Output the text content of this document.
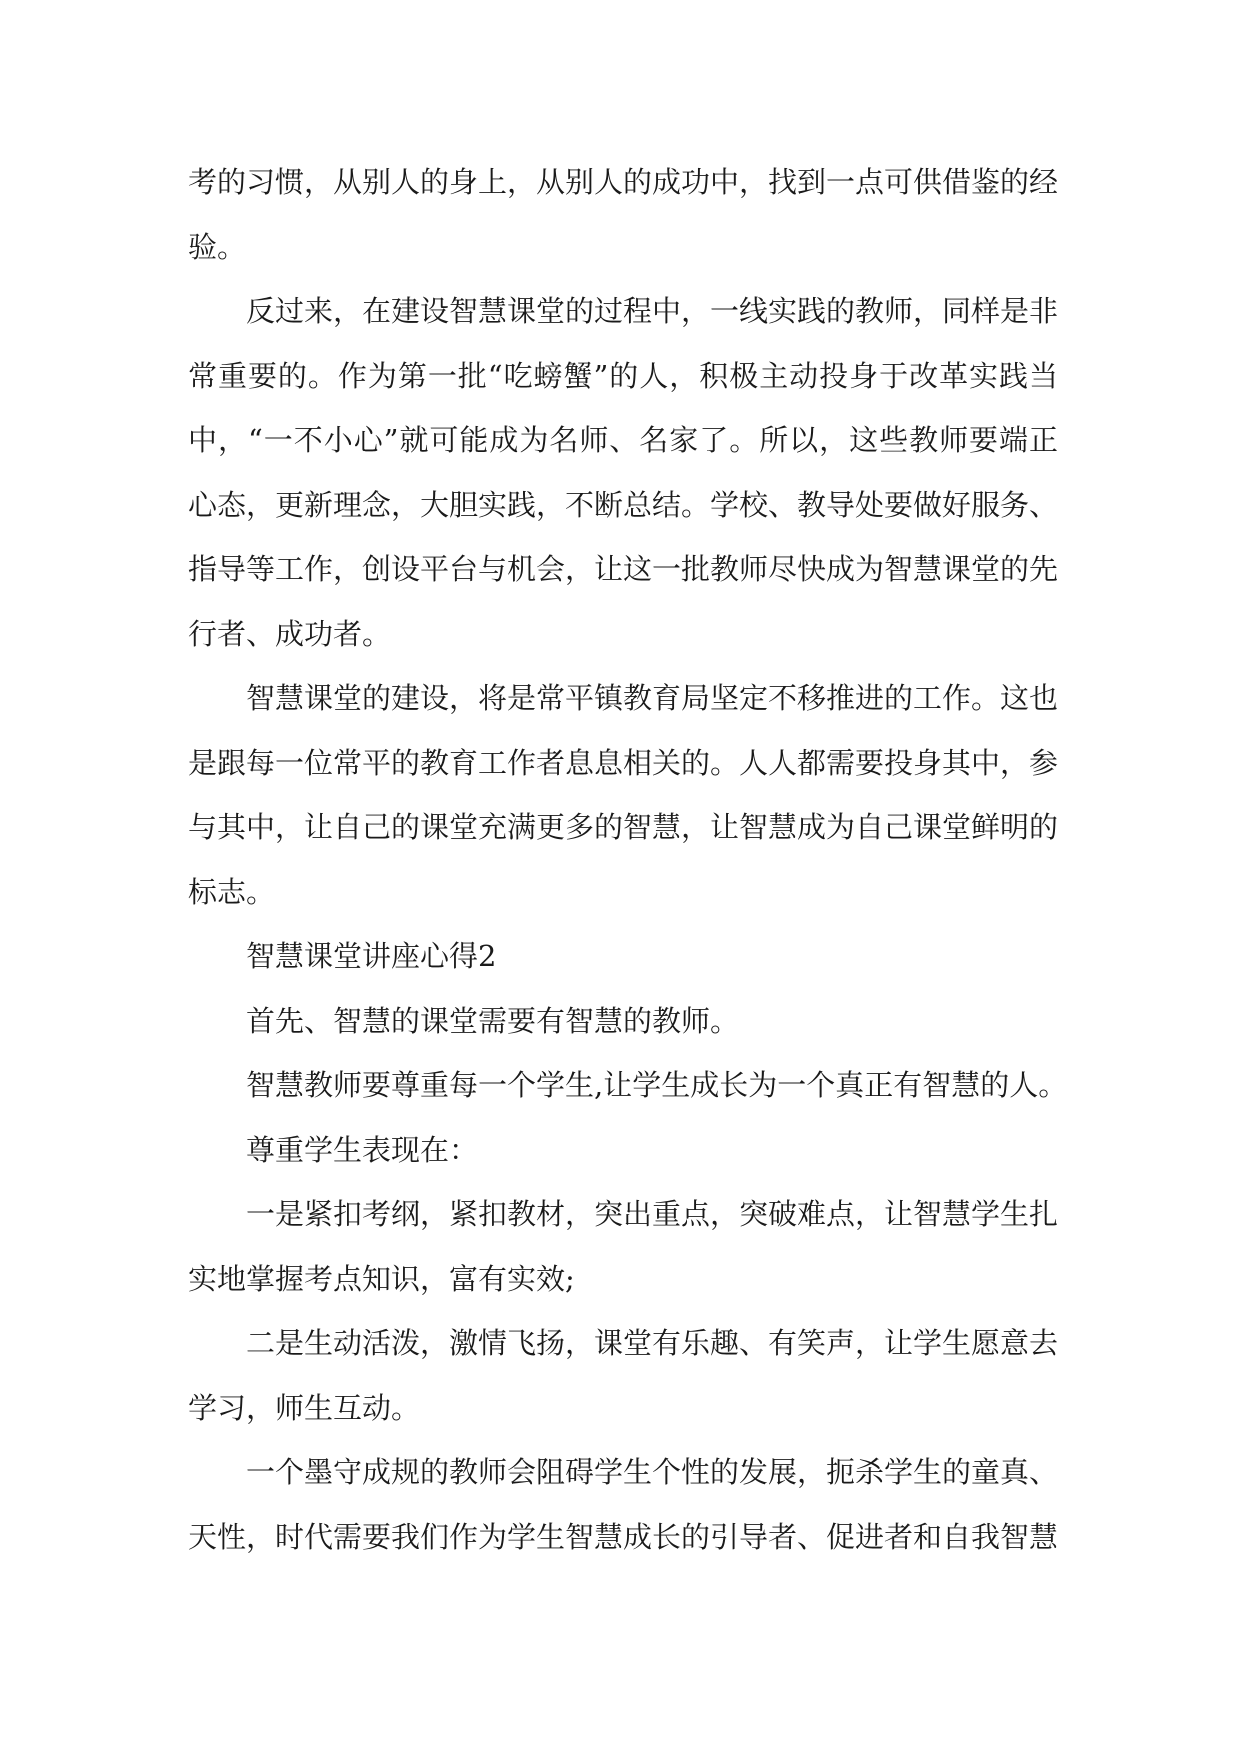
考的习惯，从别人的身上，从别人的成功中，找到一点可供借鉴的经
验。
反过来，在建设智慧课堂的过程中，一线实践的教师，同样是非
常重要的。作为第一批“吃螃蟹”的人，积极主动投身于改革实践当
中，“一不小心”就可能成为名师、名家了。所以，这些教师要端正
心态，更新理念，大胆实践，不断总结。学校、教导处要做好服务、
指导等工作，创设平台与机会，让这一批教师尽快成为智慧课堂的先
行者、成功者。
智慧课堂的建设，将是常平镇教育局坚定不移推进的工作。这也
是跟每一位常平的教育工作者息息相关的。人人都需要投身其中，参
与其中，让自己的课堂充满更多的智慧，让智慧成为自己课堂鲜明的
标志。
智慧课堂讲座心得2
首先、智慧的课堂需要有智慧的教师。
智慧教师要尊重每一个学生,让学生成长为一个真正有智慧的人。
尊重学生表现在：
一是紧扣考纲，紧扣教材，突出重点，突破难点，让智慧学生扎
实地掌握考点知识，富有实效;
二是生动活泼，激情飞扬，课堂有乐趣、有笑声，让学生愿意去
学习，师生互动。
一个墨守成规的教师会阻碍学生个性的发展，扼杀学生的童真、
天性，时代需要我们作为学生智慧成长的引导者、促进者和自我智慧
